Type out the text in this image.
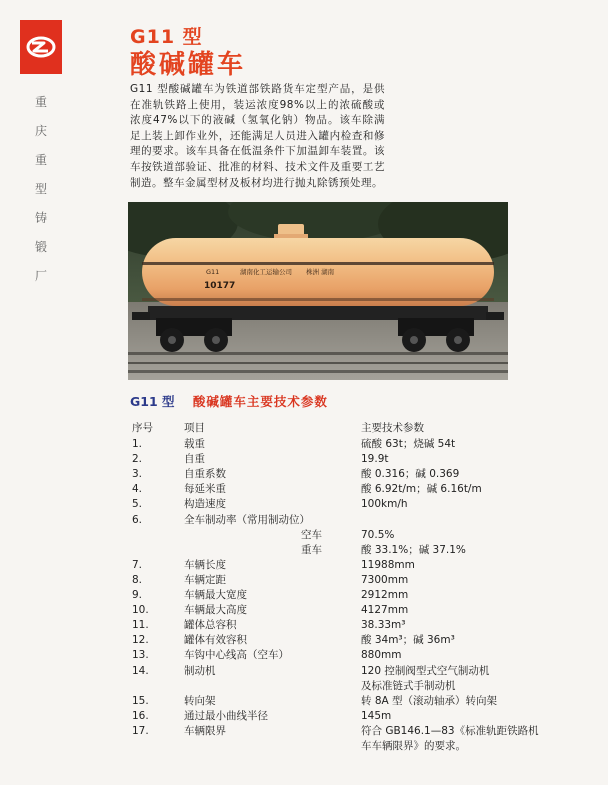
重
庆
重
型
铸
锻
厂
G11 型
酸碱罐车
G11 型酸碱罐车为铁道部铁路货车定型产品，是供在准轨铁路上使用，装运浓度98%以上的浓硫酸或浓度47%以下的液碱（氢氧化钠）物品。该车除满足上装上卸作业外，还能满足人员进入罐内检查和修理的要求。该车具备在低温条件下加温卸车装置。该车按铁道部验证、批准的材料、技术文件及重要工艺制造。整车金属型材及板材均进行抛丸除锈预处理。
G11	湖南化工运输公司 株洲 湖南
10177
G11 型 酸碱罐车主要技术参数
序号	项目	主要技术参数
1.	载重	硫酸 63t；烧碱 54t
2.	自重	19.9t
3.	自重系数	酸 0.316；碱 0.369
4.	每延米重	酸 6.92t/m；碱 6.16t/m
5.	构造速度	100km/h
6.	全车制动率（常用制动位）
空车	70.5%
重车	酸 33.1%；碱 37.1%
7.	车辆长度	11988mm
8.	车辆定距	7300mm
9.	车辆最大宽度	2912mm
10.	车辆最大高度	4127mm
11.	罐体总容积	38.33m³
12.	罐体有效容积	酸 34m³；碱 36m³
13.	车钩中心线高（空车）	880mm
14.	制动机	120 控制阀型式空气制动机
及标准链式手制动机
15.	转向架	转 8A 型（滚动轴承）转向架
16.	通过最小曲线半径	145m
17.	车辆限界	符合 GB146.1—83《标准轨距铁路机
车车辆限界》的要求。
